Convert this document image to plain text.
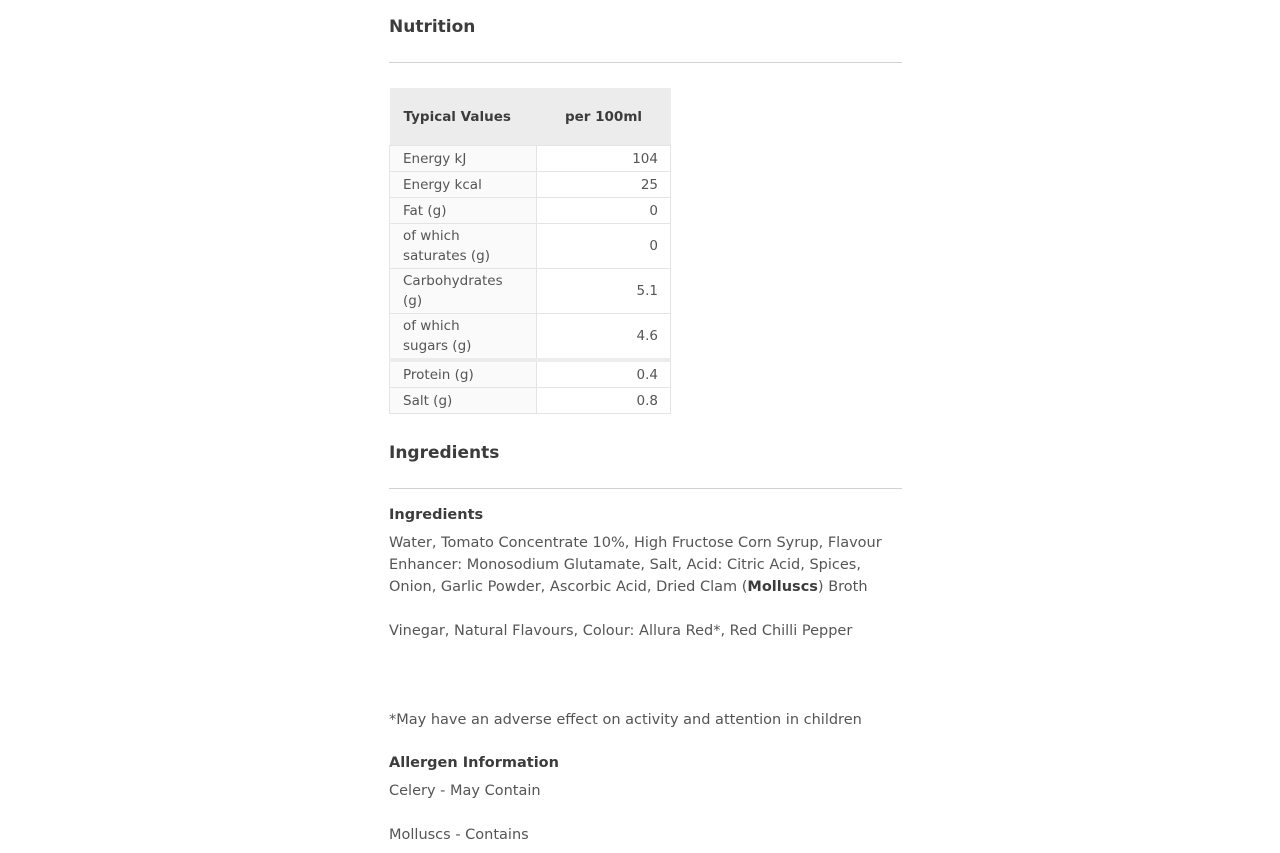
Nutrition
Typical Values	per 100ml
Energy kJ	104
Energy kcal	25
Fat (g)	0
of which
saturates (g)	0
Carbohydrates (g)	5.1
of which
sugars (g)	4.6
Protein (g)	0.4
Salt (g)	0.8
Ingredients
Ingredients

Water, Tomato Concentrate 10%, High Fructose Corn Syrup, Flavour Enhancer: Monosodium Glutamate, Salt, Acid: Citric Acid, Spices, Onion, Garlic Powder, Ascorbic Acid, Dried Clam (Molluscs) Broth

Vinegar, Natural Flavours, Colour: Allura Red*, Red Chilli Pepper

*May have an adverse effect on activity and attention in children

Allergen Information

Celery - May Contain

Molluscs - Contains
